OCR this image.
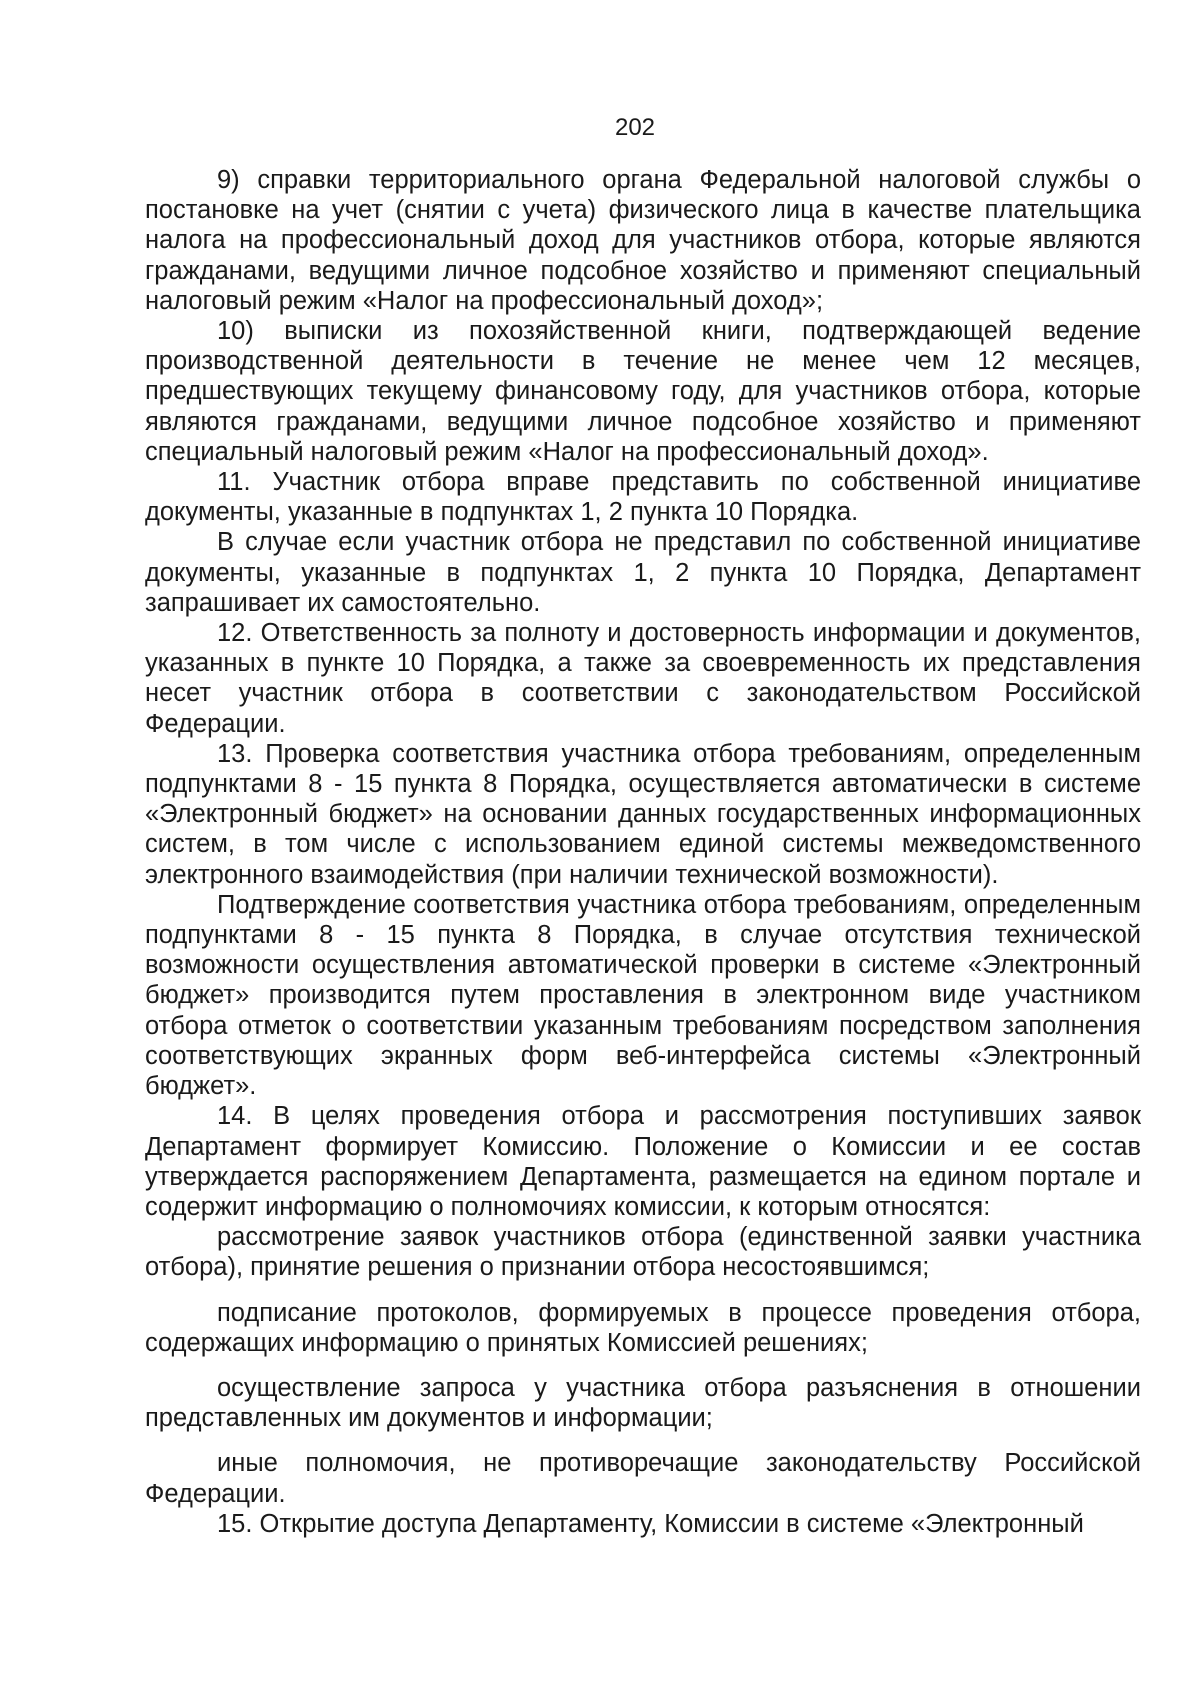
202

9) справки территориального органа Федеральной налоговой службы о постановке на учет (снятии с учета) физического лица в качестве плательщика налога на профессиональный доход для участников отбора, которые являются гражданами, ведущими личное подсобное хозяйство и применяют специальный налоговый режим «Налог на профессиональный доход»;

10) выписки из похозяйственной книги, подтверждающей ведение производственной деятельности в течение не менее чем 12 месяцев, предшествующих текущему финансовому году, для участников отбора, которые являются гражданами, ведущими личное подсобное хозяйство и применяют специальный налоговый режим «Налог на профессиональный доход».

11. Участник отбора вправе представить по собственной инициативе документы, указанные в подпунктах 1, 2 пункта 10 Порядка.

В случае если участник отбора не представил по собственной инициативе документы, указанные в подпунктах 1, 2 пункта 10 Порядка, Департамент запрашивает их самостоятельно.

12. Ответственность за полноту и достоверность информации и документов, указанных в пункте 10 Порядка, а также за своевременность их представления несет участник отбора в соответствии с законодательством Российской Федерации.

13. Проверка соответствия участника отбора требованиям, определенным подпунктами 8 - 15 пункта 8 Порядка, осуществляется автоматически в системе «Электронный бюджет» на основании данных государственных информационных систем, в том числе с использованием единой системы межведомственного электронного взаимодействия (при наличии технической возможности).

Подтверждение соответствия участника отбора требованиям, определенным подпунктами 8 - 15 пункта 8 Порядка, в случае отсутствия технической возможности осуществления автоматической проверки в системе «Электронный бюджет» производится путем проставления в электронном виде участником отбора отметок о соответствии указанным требованиям посредством заполнения соответствующих экранных форм веб-интерфейса системы «Электронный бюджет».

14. В целях проведения отбора и рассмотрения поступивших заявок Департамент формирует Комиссию. Положение о Комиссии и ее состав утверждается распоряжением Департамента, размещается на едином портале и содержит информацию о полномочиях комиссии, к которым относятся:

рассмотрение заявок участников отбора (единственной заявки участника отбора), принятие решения о признании отбора несостоявшимся;

подписание протоколов, формируемых в процессе проведения отбора, содержащих информацию о принятых Комиссией решениях;

осуществление запроса у участника отбора разъяснения в отношении представленных им документов и информации;

иные полномочия, не противоречащие законодательству Российской Федерации.

15. Открытие доступа Департаменту, Комиссии в системе «Электронный
